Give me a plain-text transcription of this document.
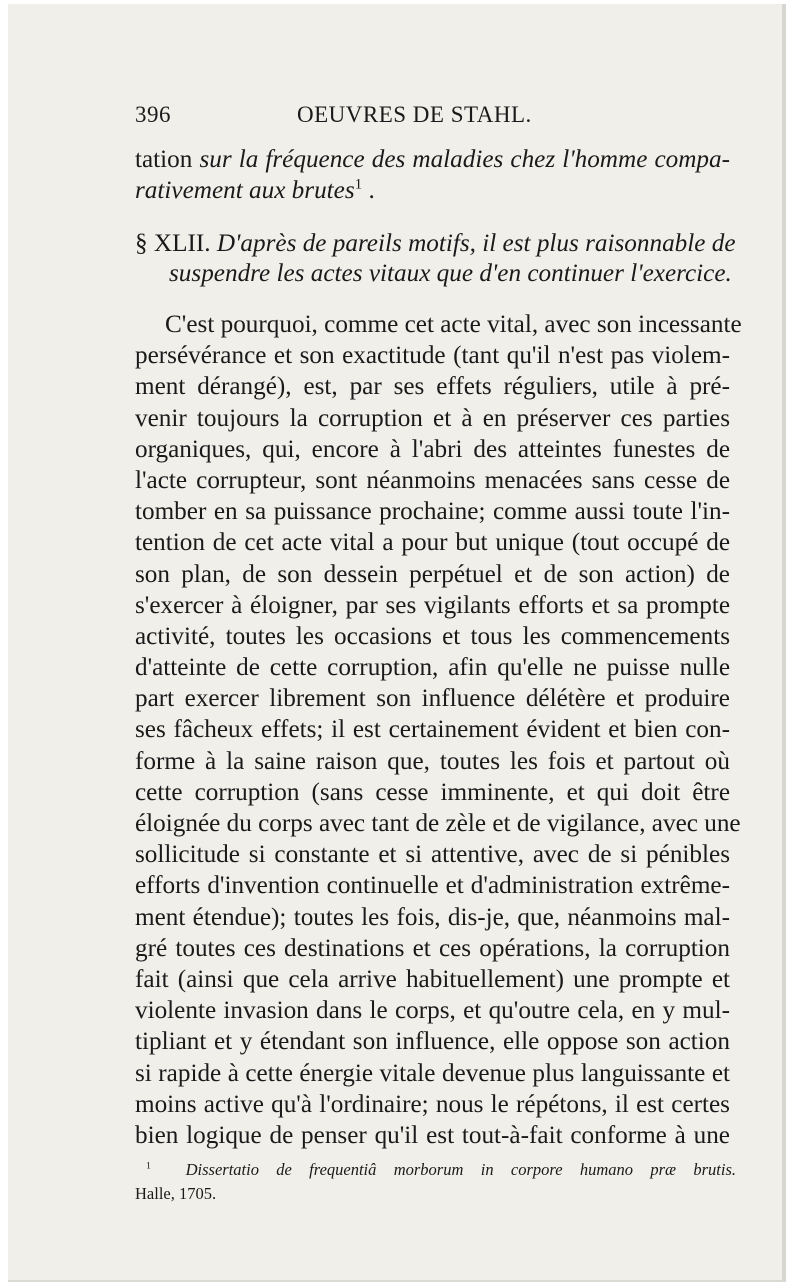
396	OEUVRES DE STAHL.
tation sur la fréquence des maladies chez l'homme compa-
rativement aux brutes$^1$ .
§ XLII. D'après de pareils motifs, il est plus raisonnable de
suspendre les actes vitaux que d'en continuer l'exercice.
C'est pourquoi, comme cet acte vital, avec son incessante
persévérance et son exactitude (tant qu'il n'est pas violem-
ment dérangé), est, par ses effets réguliers, utile à pré-
venir toujours la corruption et à en préserver ces parties
organiques, qui, encore à l'abri des atteintes funestes de
l'acte corrupteur, sont néanmoins menacées sans cesse de
tomber en sa puissance prochaine; comme aussi toute l'in-
tention de cet acte vital a pour but unique (tout occupé de
son plan, de son dessein perpétuel et de son action) de
s'exercer à éloigner, par ses vigilants efforts et sa prompte
activité, toutes les occasions et tous les commencements
d'atteinte de cette corruption, afin qu'elle ne puisse nulle
part exercer librement son influence délétère et produire
ses fâcheux effets; il est certainement évident et bien con-
forme à la saine raison que, toutes les fois et partout où
cette corruption (sans cesse imminente, et qui doit être
éloignée du corps avec tant de zèle et de vigilance, avec une
sollicitude si constante et si attentive, avec de si pénibles
efforts d'invention continuelle et d'administration extrême-
ment étendue); toutes les fois, dis-je, que, néanmoins mal-
gré toutes ces destinations et ces opérations, la corruption
fait (ainsi que cela arrive habituellement) une prompte et
violente invasion dans le corps, et qu'outre cela, en y mul-
tipliant et y étendant son influence, elle oppose son action
si rapide à cette énergie vitale devenue plus languissante et
moins active qu'à l'ordinaire; nous le répétons, il est certes
bien logique de penser qu'il est tout-à-fait conforme à une
$^1$ Dissertatio de frequentiâ morborum in corpore humano præ brutis.
Halle, 1705.
